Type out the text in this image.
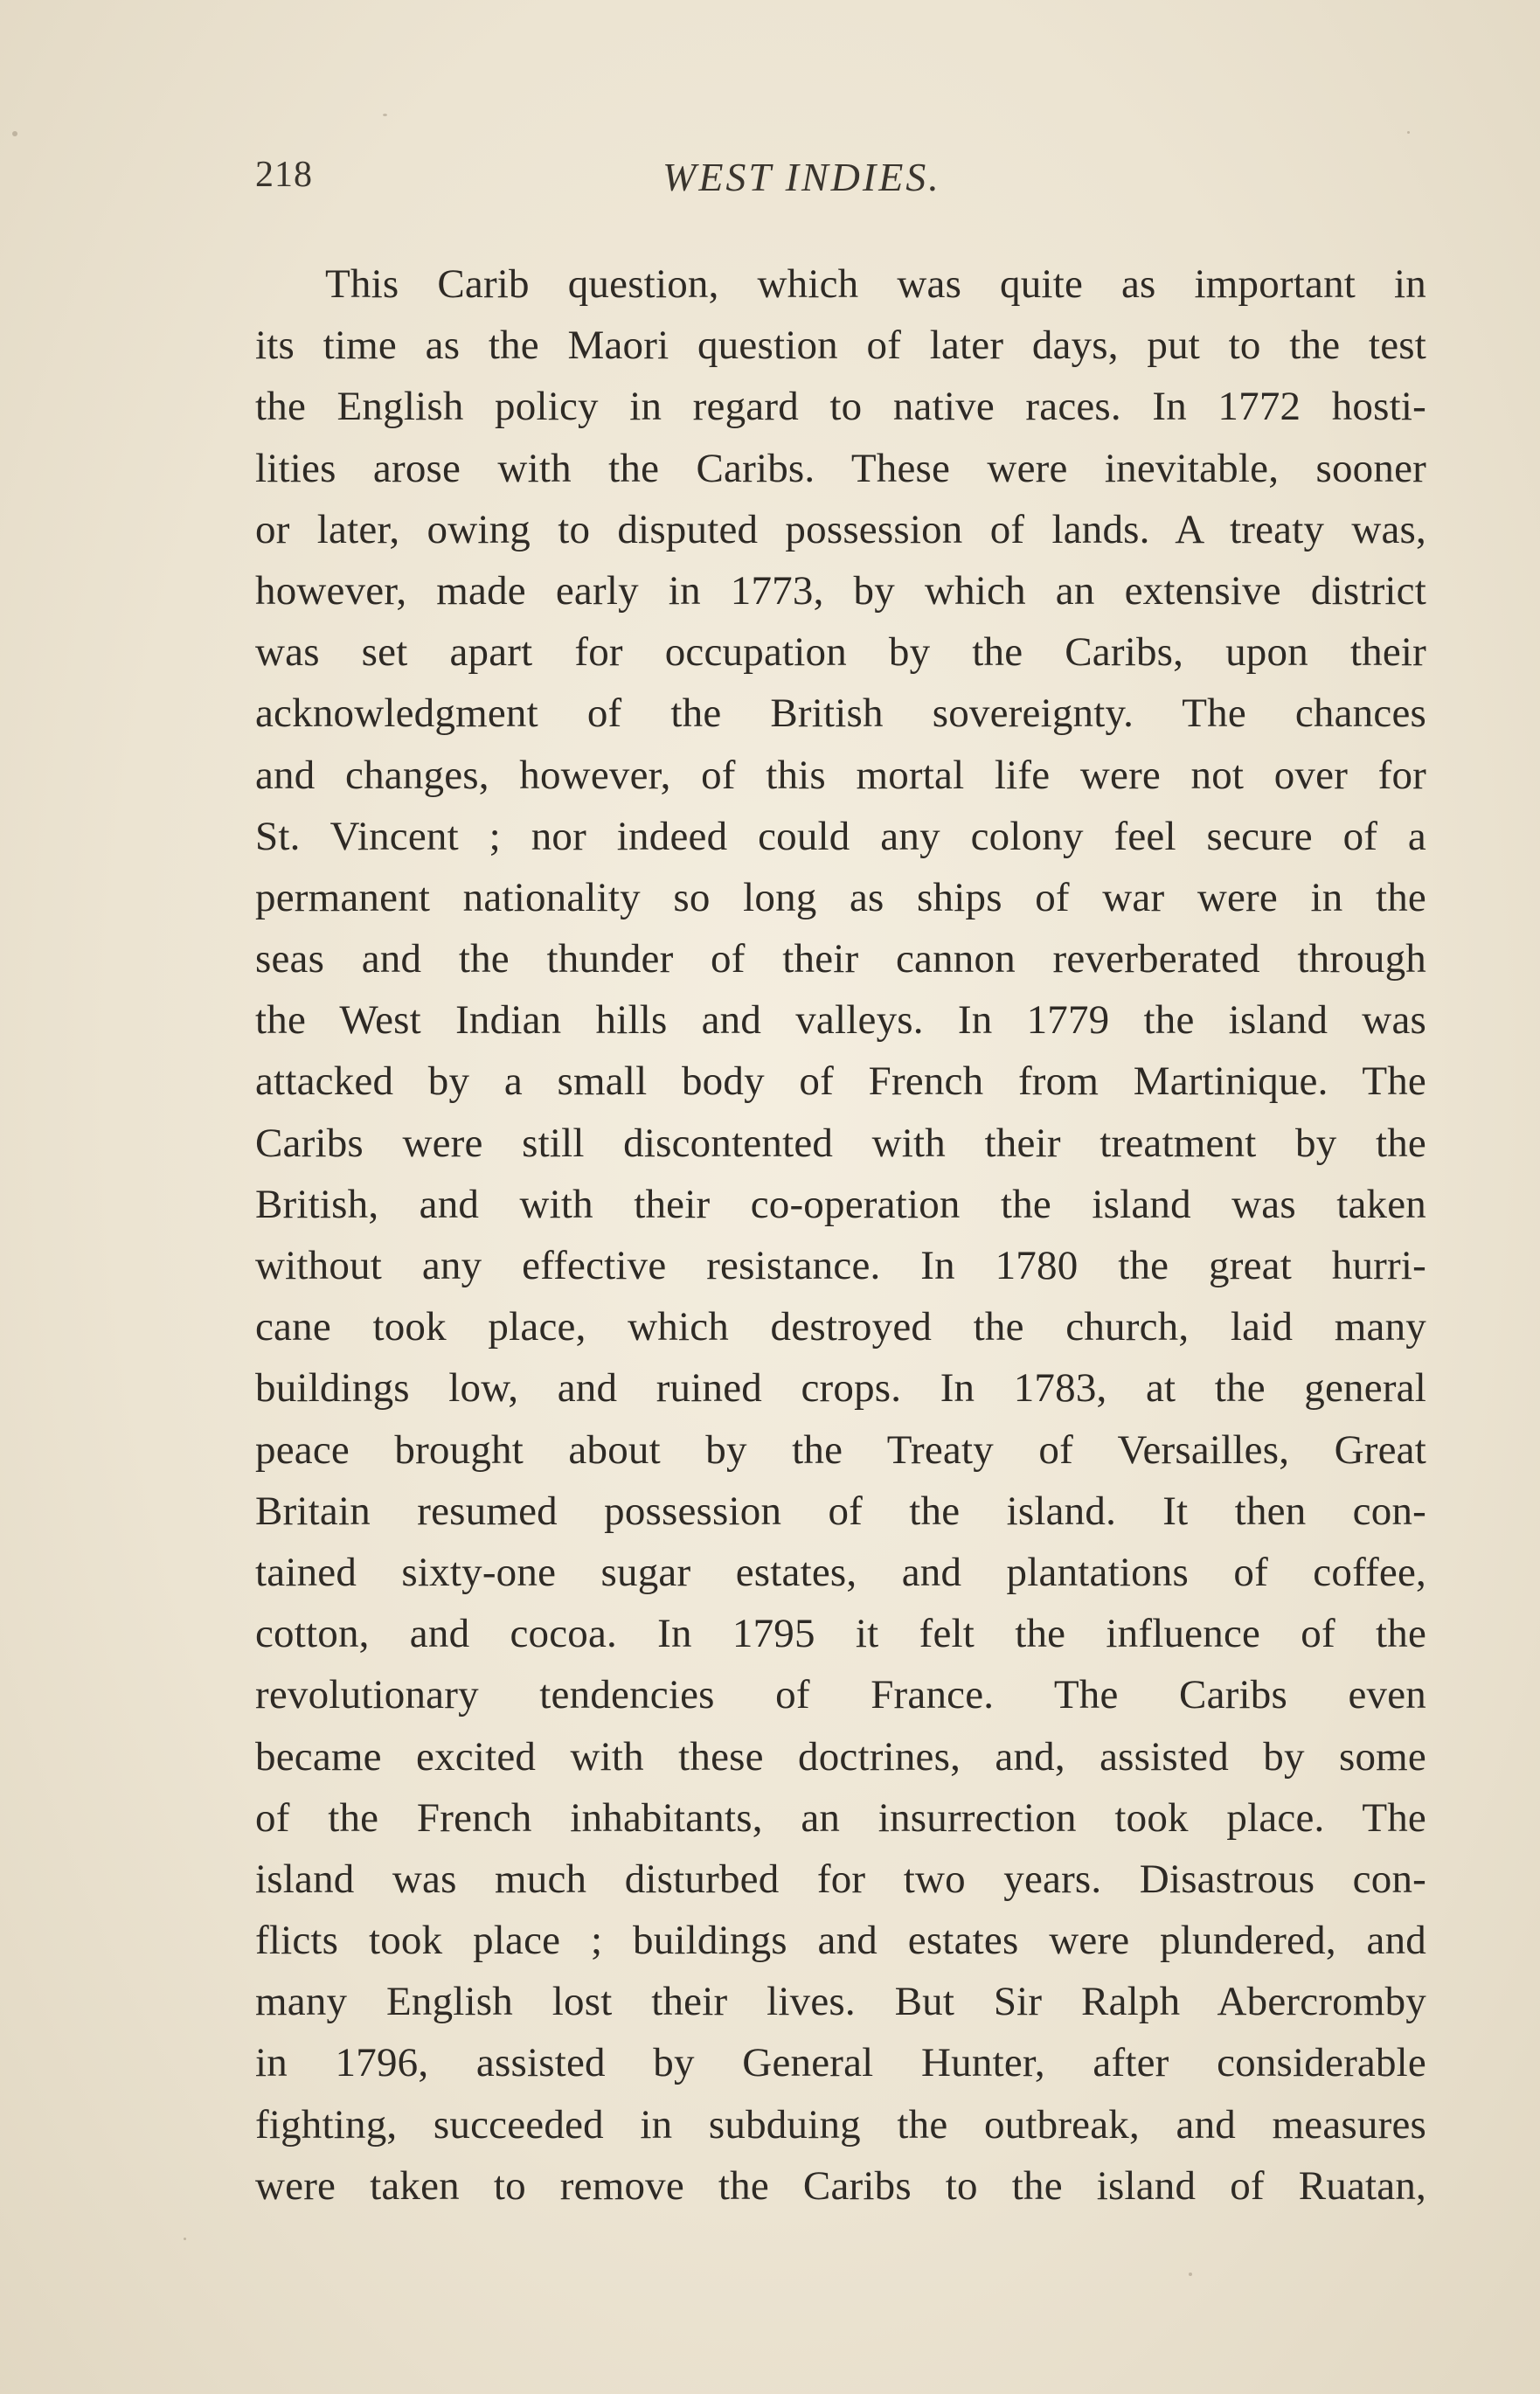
218	WEST INDIES.
This Carib question, which was quite as important in
its time as the Maori question of later days, put to the test
the English policy in regard to native races. In 1772 hosti-
lities arose with the Caribs. These were inevitable, sooner
or later, owing to disputed possession of lands. A treaty was,
however, made early in 1773, by which an extensive district
was set apart for occupation by the Caribs, upon their
acknowledgment of the British sovereignty. The chances
and changes, however, of this mortal life were not over for
St. Vincent ; nor indeed could any colony feel secure of a
permanent nationality so long as ships of war were in the
seas and the thunder of their cannon reverberated through
the West Indian hills and valleys. In 1779 the island was
attacked by a small body of French from Martinique. The
Caribs were still discontented with their treatment by the
British, and with their co-operation the island was taken
without any effective resistance. In 1780 the great hurri-
cane took place, which destroyed the church, laid many
buildings low, and ruined crops. In 1783, at the general
peace brought about by the Treaty of Versailles, Great
Britain resumed possession of the island. It then con-
tained sixty-one sugar estates, and plantations of coffee,
cotton, and cocoa. In 1795 it felt the influence of the
revolutionary tendencies of France. The Caribs even
became excited with these doctrines, and, assisted by some
of the French inhabitants, an insurrection took place. The
island was much disturbed for two years. Disastrous con-
flicts took place ; buildings and estates were plundered, and
many English lost their lives. But Sir Ralph Abercromby
in 1796, assisted by General Hunter, after considerable
fighting, succeeded in subduing the outbreak, and measures
were taken to remove the Caribs to the island of Ruatan,
